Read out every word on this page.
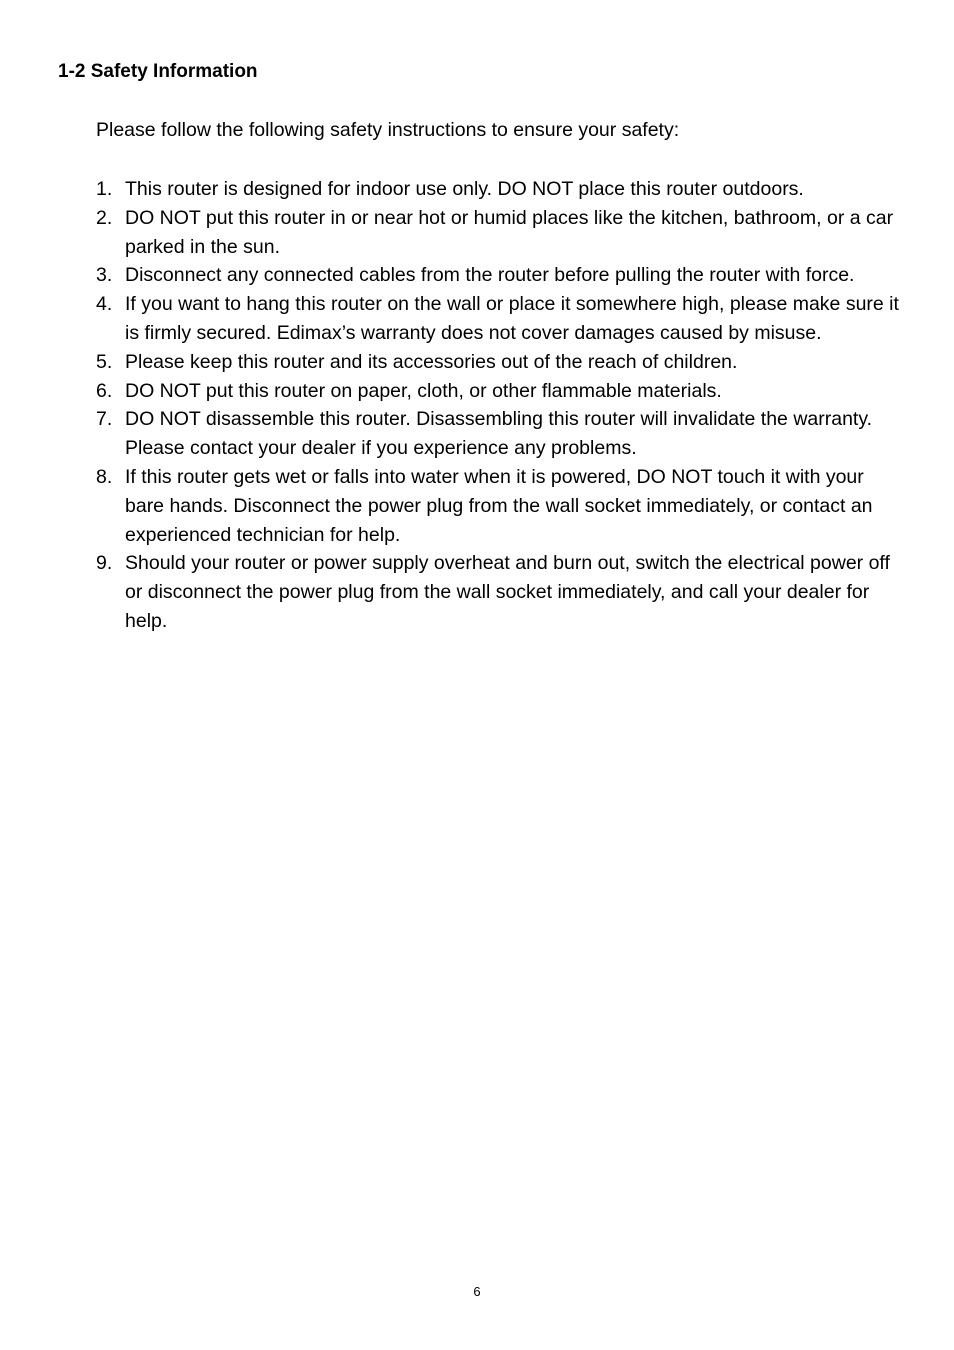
1-2 Safety Information
Please follow the following safety instructions to ensure your safety:
1. This router is designed for indoor use only. DO NOT place this router outdoors.
2. DO NOT put this router in or near hot or humid places like the kitchen, bathroom, or a car parked in the sun.
3. Disconnect any connected cables from the router before pulling the router with force.
4. If you want to hang this router on the wall or place it somewhere high, please make sure it is firmly secured. Edimax’s warranty does not cover damages caused by misuse.
5. Please keep this router and its accessories out of the reach of children.
6. DO NOT put this router on paper, cloth, or other flammable materials.
7. DO NOT disassemble this router. Disassembling this router will invalidate the warranty. Please contact your dealer if you experience any problems.
8. If this router gets wet or falls into water when it is powered, DO NOT touch it with your bare hands. Disconnect the power plug from the wall socket immediately, or contact an experienced technician for help.
9. Should your router or power supply overheat and burn out, switch the electrical power off or disconnect the power plug from the wall socket immediately, and call your dealer for help.
6
